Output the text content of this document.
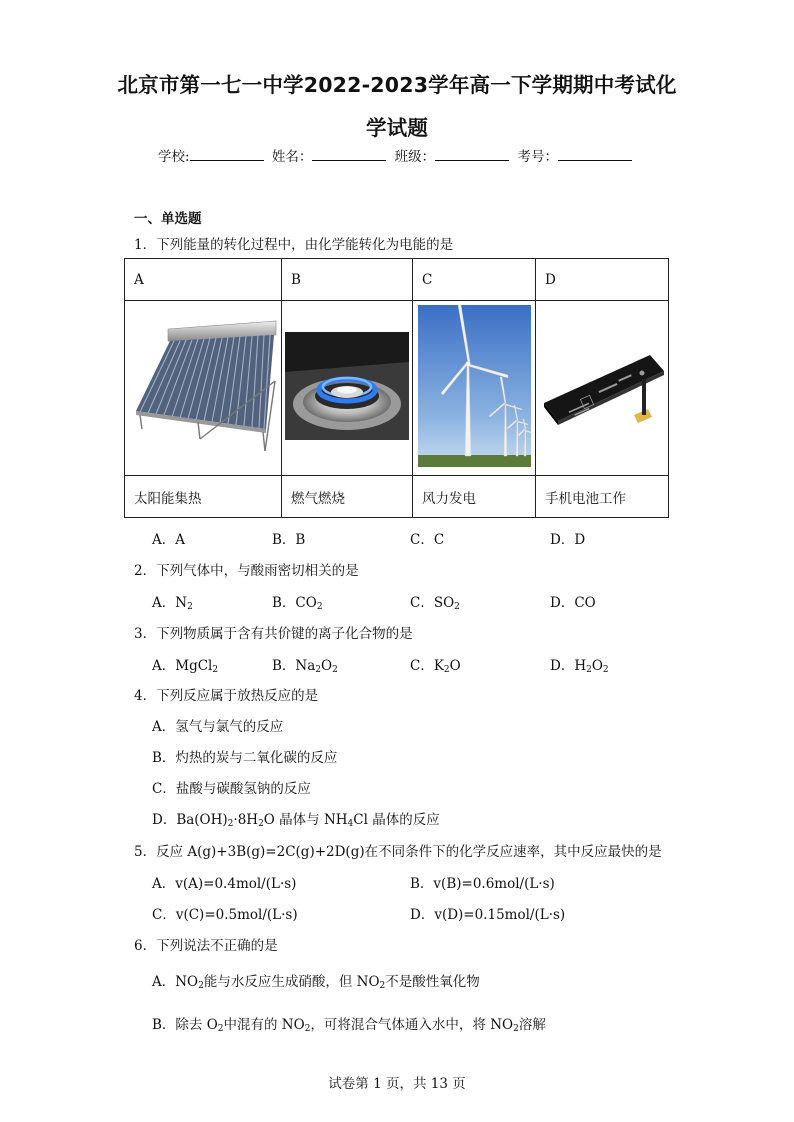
北京市第一七一中学2022-2023学年高一下学期期中考试化
学试题
学校:	姓名：	班级：	考号：
一、单选题
1．下列能量的转化过程中，由化学能转化为电能的是
A	B	C	D

太阳能集热	燃气燃烧	风力发电	手机电池工作
A．A	B．B	C．C	D．D
2．下列气体中，与酸雨密切相关的是
A．$N_2$	B．$CO_2$	C．$SO_2$	D．CO
3．下列物质属于含有共价键的离子化合物的是
A．MgCl$_2$	B．$Na_2O_2$	C．$K_2O$	D．$H_2O_2$
4．下列反应属于放热反应的是
A．氢气与氯气的反应
B．灼热的炭与二氧化碳的反应
C．盐酸与碳酸氢钠的反应
D．$Ba(OH)_2\cdot 8H_2O$ 晶体与 $NH_4Cl$ 晶体的反应
5．反应 A(g)+3B(g)=2C(g)+2D(g)在不同条件下的化学反应速率，其中反应最快的是
A．v(A)=0.4mol/(L·s)	B．v(B)=0.6mol/(L·s)
C．v(C)=0.5mol/(L·s)	D．v(D)=0.15mol/(L·s)
6．下列说法不正确的是
A．$NO_2$能与水反应生成硝酸，但 $NO_2$不是酸性氧化物
B．除去 $O_2$中混有的 $NO_2$，可将混合气体通入水中，将 $NO_2$溶解
试卷第 1 页，共 13 页
